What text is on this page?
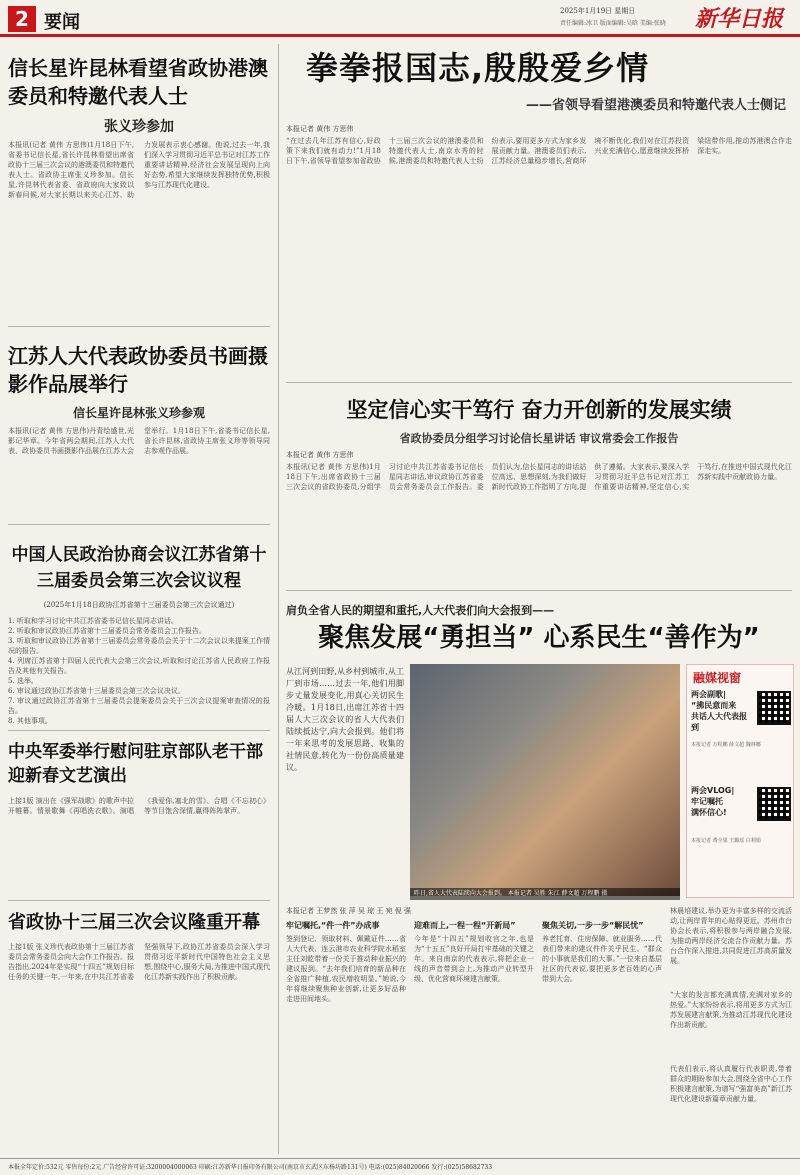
2 要闻
2025年1月19日 星期日
责任编辑:冰卫 版面编辑:吴晗 美编:张晓 新华日报
信长星许昆林看望省政协港澳委员和特邀代表人士
张义珍参加
本报讯(记者 黄伟 方思伟)1月18日下午,省委书记信长星,省长许昆林看望出席省政协十三届三次会议的港澳委员和特邀代表人士。省政协主席张义珍参加。信长星,许昆林代表省委、省政府向大家致以新春问候,对大家长期以来关心江苏、助力发展表示衷心感谢。他说,过去一年,我们深入学习贯彻习近平总书记对江苏工作重要讲话精神,经济社会发展呈现向上向好态势,希望大家继续发挥独特优势,积极参与江苏现代化建设。
江苏人大代表政协委员书画摄影作品展举行
信长星许昆林张义珍参观
本报讯(记者 黄伟 方思伟)丹青绘盛世,光影记华章。今年省两会期间,江苏人大代表、政协委员书画摄影作品展在江苏大会堂举行。1月18日下午,省委书记信长星,省长许昆林,省政协主席张义珍等领导同志参观作品展。
中国人民政治协商会议江苏省第十三届委员会第三次会议议程
(2025年1月18日政协江苏省第十三届委员会第三次会议通过)
1. 听取和学习讨论中共江苏省委书记信长星同志讲话。
2. 听取和审议政协江苏省第十三届委员会常务委员会工作报告。
3. 听取和审议政协江苏省第十三届委员会常务委员会关于十二次会议以来提案工作情况的报告。
4. 列席江苏省第十四届人民代表大会第三次会议,听取和讨论江苏省人民政府工作报告及其他有关报告。
5. 选举。
6. 审议通过政协江苏省第十三届委员会第三次会议决议。
7. 审议通过政协江苏省第十三届委员会提案委员会关于三次会议提案审查情况的报告。
8. 其他事项。
中央军委举行慰问驻京部队老干部迎新春文艺演出
上接1版 演出在《强军战歌》的歌声中拉开帷幕。情景歌舞《再唱洗衣歌》、演唱《我爱你,塞北的雪》、合唱《不忘初心》等节目饱含深情,赢得阵阵掌声。
省政协十三届三次会议隆重开幕
上接1版 张义珍代表政协第十三届江苏省委员会常务委员会向大会作工作报告。报告指出,2024年是实现“十四五”规划目标任务的关键一年,一年来,在中共江苏省委坚强领导下,政协江苏省委员会深入学习贯彻习近平新时代中国特色社会主义思想,围绕中心,服务大局,为推进中国式现代化江苏新实践作出了积极贡献。
拳拳报国志,殷殷爱乡情
——省领导看望港澳委员和特邀代表人士侧记
本报记者 黄伟 方思伟
“在过去几年江苏有信心,好政策下来我们就有动力!”1月18日下午,省领导看望参加省政协十三届三次会议的港澳委员和特邀代表人士,南京水秀的时候,港澳委员和特邀代表人士纷纷表示,要用更多方式为家乡发展贡献力量。港澳委员们表示,江苏经济总量稳步增长,营商环境不断优化,我们对在江苏投资兴业充满信心,愿意继续发挥桥梁纽带作用,推动苏港澳合作走深走实。
坚定信心实干笃行 奋力开创新的发展实绩
省政协委员分组学习讨论信长星讲话 审议常委会工作报告
本报记者 黄伟 方思伟
本报讯(记者 黄伟 方思伟)1月18日下午,出席省政协十三届三次会议的省政协委员,分组学习讨论中共江苏省委书记信长星同志讲话,审议政协江苏省委员会常务委员会工作报告。委员们认为,信长星同志的讲话站位高远、思想深刻,为我们做好新时代政协工作指明了方向,提供了遵循。大家表示,要深入学习贯彻习近平总书记对江苏工作重要讲话精神,坚定信心,实干笃行,在推进中国式现代化江苏新实践中贡献政协力量。
肩负全省人民的期望和重托,人大代表们向大会报到——
聚焦发展“勇担当” 心系民生“善作为”
从江河到田野,从乡村到城市,从工厂到市场……过去一年,他们用脚步丈量发展变化,用真心关切民生冷暖。1月18日,出席江苏省十四届人大三次会议的省人大代表们陆续抵达宁,向大会报到。他们将一年来思考的发展思路、收集的社情民意,转化为一份份高质量建议。
昨日,省人大代表陆续向大会报到。 本报记者 吴胜 朱江 薛文超 万程鹏 摄
融媒视窗
两会副歌|
“拂民意而来
共话人大代表报到
本报记者 万程鹏 薛文超 魏林娜
两会VLOG|
牢记嘱托
满怀信心!
本报记者 费全果 王璐瑶 白利娟
本报记者 王梦然 张 萍 吴 琼 王 宛 倪 强
牢记嘱托,“件一件”办成事
签到登记、领取材料、佩戴证件……省人大代表、连云港市农业科学院水稻室主任刘乾带着一份关于推动种业振兴的建议报到。“去年我们培育的新品种在全省推广种植,农民增收明显。”她说,今年将继续聚焦种业创新,让更多好品种走进田间地头。
迎难而上,一程一程“开新局”
今年是“十四五”规划收官之年,也是为“十五五”良好开局打牢基础的关键之年。来自南京的代表表示,将把企业一线的声音带到会上,为推动产业转型升级、优化营商环境建言献策。
聚焦关切,一步一步“解民忧”
养老托育、住房保障、就业服务……代表们带来的建议件件关乎民生。“群众的小事就是我们的大事。”一位来自基层社区的代表说,要把更多老百姓的心声带到大会。
林晨培建议,举办更为丰富多样的交流活动,让两岸青年的心贴得更近。苏州市台协会长表示,将积极参与两岸融合发展,为推动两岸经济交流合作贡献力量。苏台合作深入推进,共同促进江苏高质量发展。
“大家的发言都充满真情,充满对家乡的热爱。”大家纷纷表示,将用更多方式为江苏发展建言献策,为推动江苏现代化建设作出新贡献。
代表们表示,将认真履行代表职责,带着群众的期盼参加大会,围绕全省中心工作积极建言献策,为谱写“强富美高”新江苏现代化建设新篇章贡献力量。
本报全年定价:532元 零售每份:2元 广告经营许可证:3200004000063 印刷:江苏新华日报印务有限公司(南京市玄武区东杨坊路131号) 电话:(025)84020066 发行:(025)58682733
